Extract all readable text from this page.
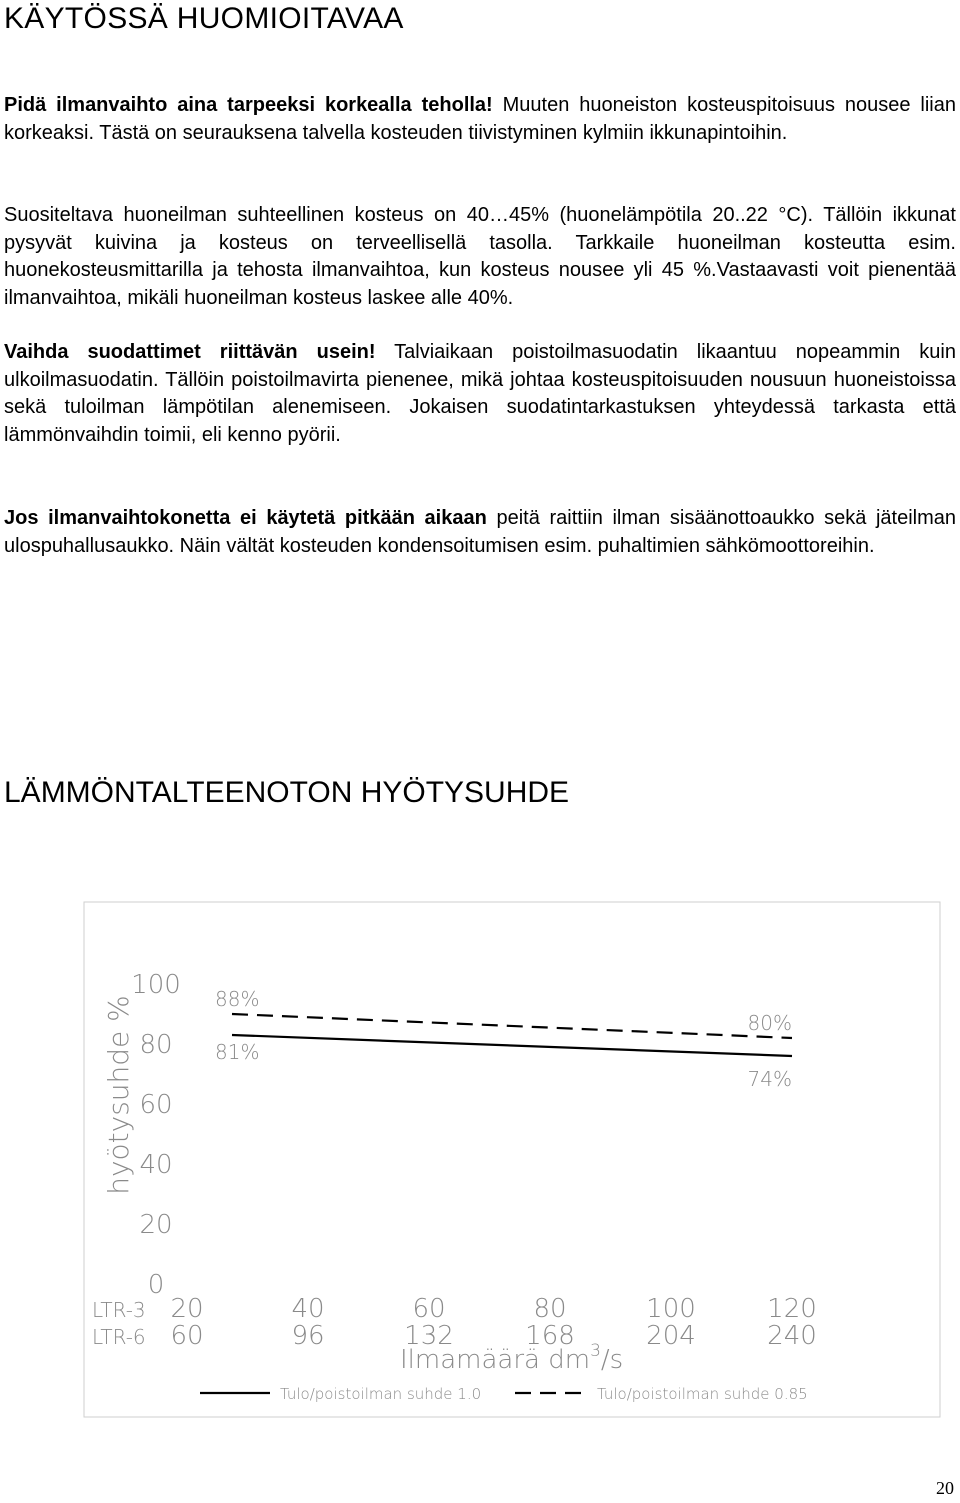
KÄYTÖSSÄ HUOMIOITAVAA

Pidä ilmanvaihto aina tarpeeksi korkealla teholla! Muuten huoneiston kosteuspitoisuus nousee liian korkeaksi. Tästä on seurauksena talvella kosteuden tiivistyminen kylmiin ikkunapintoihin.

Suositeltava huoneilman suhteellinen kosteus on 40…45% (huonelämpötila 20..22 °C). Tällöin ikkunat pysyvät kuivina ja kosteus on terveellisellä tasolla. Tarkkaile huoneilman kosteutta esim. huonekosteusmittarilla ja tehosta ilmanvaihtoa, kun kosteus nousee yli 45 %.Vastaavasti voit pienentää ilmanvaihtoa, mikäli huoneilman kosteus laskee alle 40%.

Vaihda suodattimet riittävän usein! Talviaikaan poistoilmasuodatin likaantuu nopeammin kuin ulkoilmasuodatin. Tällöin poistoilmavirta pienenee, mikä johtaa kosteuspitoisuuden nousuun huoneistoissa sekä tuloilman lämpötilan alenemiseen. Jokaisen suodatintarkastuksen yhteydessä tarkasta että lämmönvaihdin toimii, eli kenno pyörii.

Jos ilmanvaihtokonetta ei käytetä pitkään aikaan peitä raittiin ilman sisäänottoaukko sekä jäteilman ulospuhallusaukko. Näin vältät kosteuden kondensoitumisen esim. puhaltimien sähkömoottoreihin.

LÄMMÖNTALTEENOTON HYÖTYSUHDE
hyötysuhde %
100
80
60
40
20
0
LTR-3 20	40	60	80	100	120
LTR-6 60	96	132	168	204	240
Ilmamäärä $dm^3/s$
81%
74%
88%
80%
Tulo/poistoilman suhde 1.0	Tulo/poistoilman suhde 0.85
20
